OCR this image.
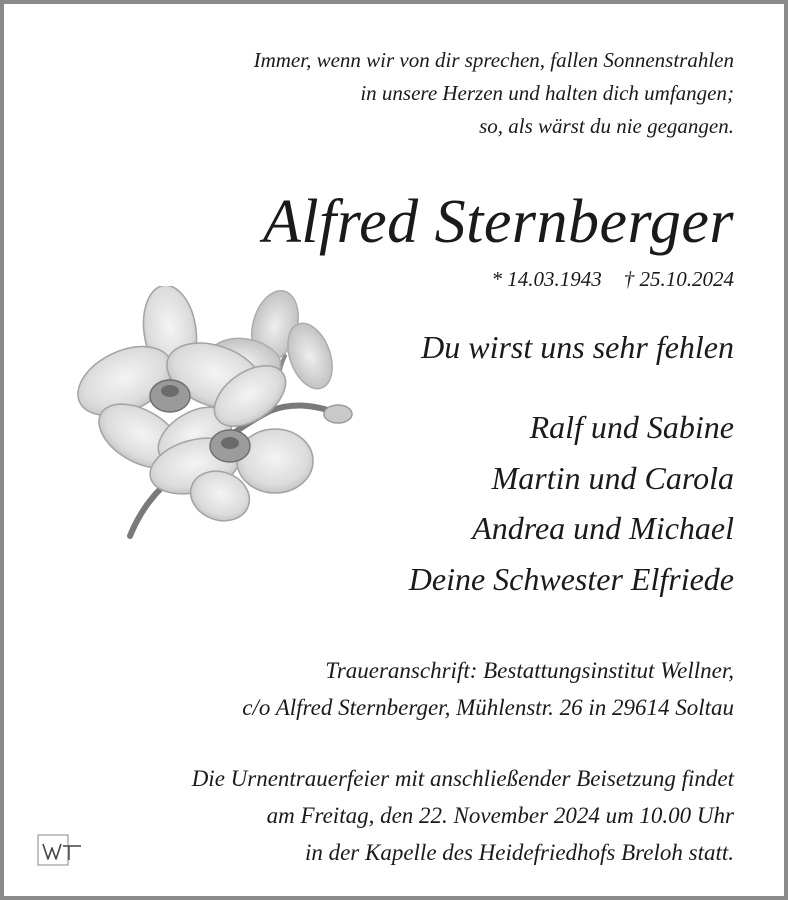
Immer, wenn wir von dir sprechen, fallen Sonnenstrahlen
in unsere Herzen und halten dich umfangen;
so, als wärst du nie gegangen.
Alfred Sternberger
* 14.03.1943 † 25.10.2024
Du wirst uns sehr fehlen
Ralf und Sabine
Martin und Carola
Andrea und Michael
Deine Schwester Elfriede
Traueranschrift: Bestattungsinstitut Wellner,
c/o Alfred Sternberger, Mühlenstr. 26 in 29614 Soltau
Die Urnentrauerfeier mit anschließender Beisetzung findet
am Freitag, den 22. November 2024 um 10.00 Uhr
in der Kapelle des Heidefriedhofs Breloh statt.
